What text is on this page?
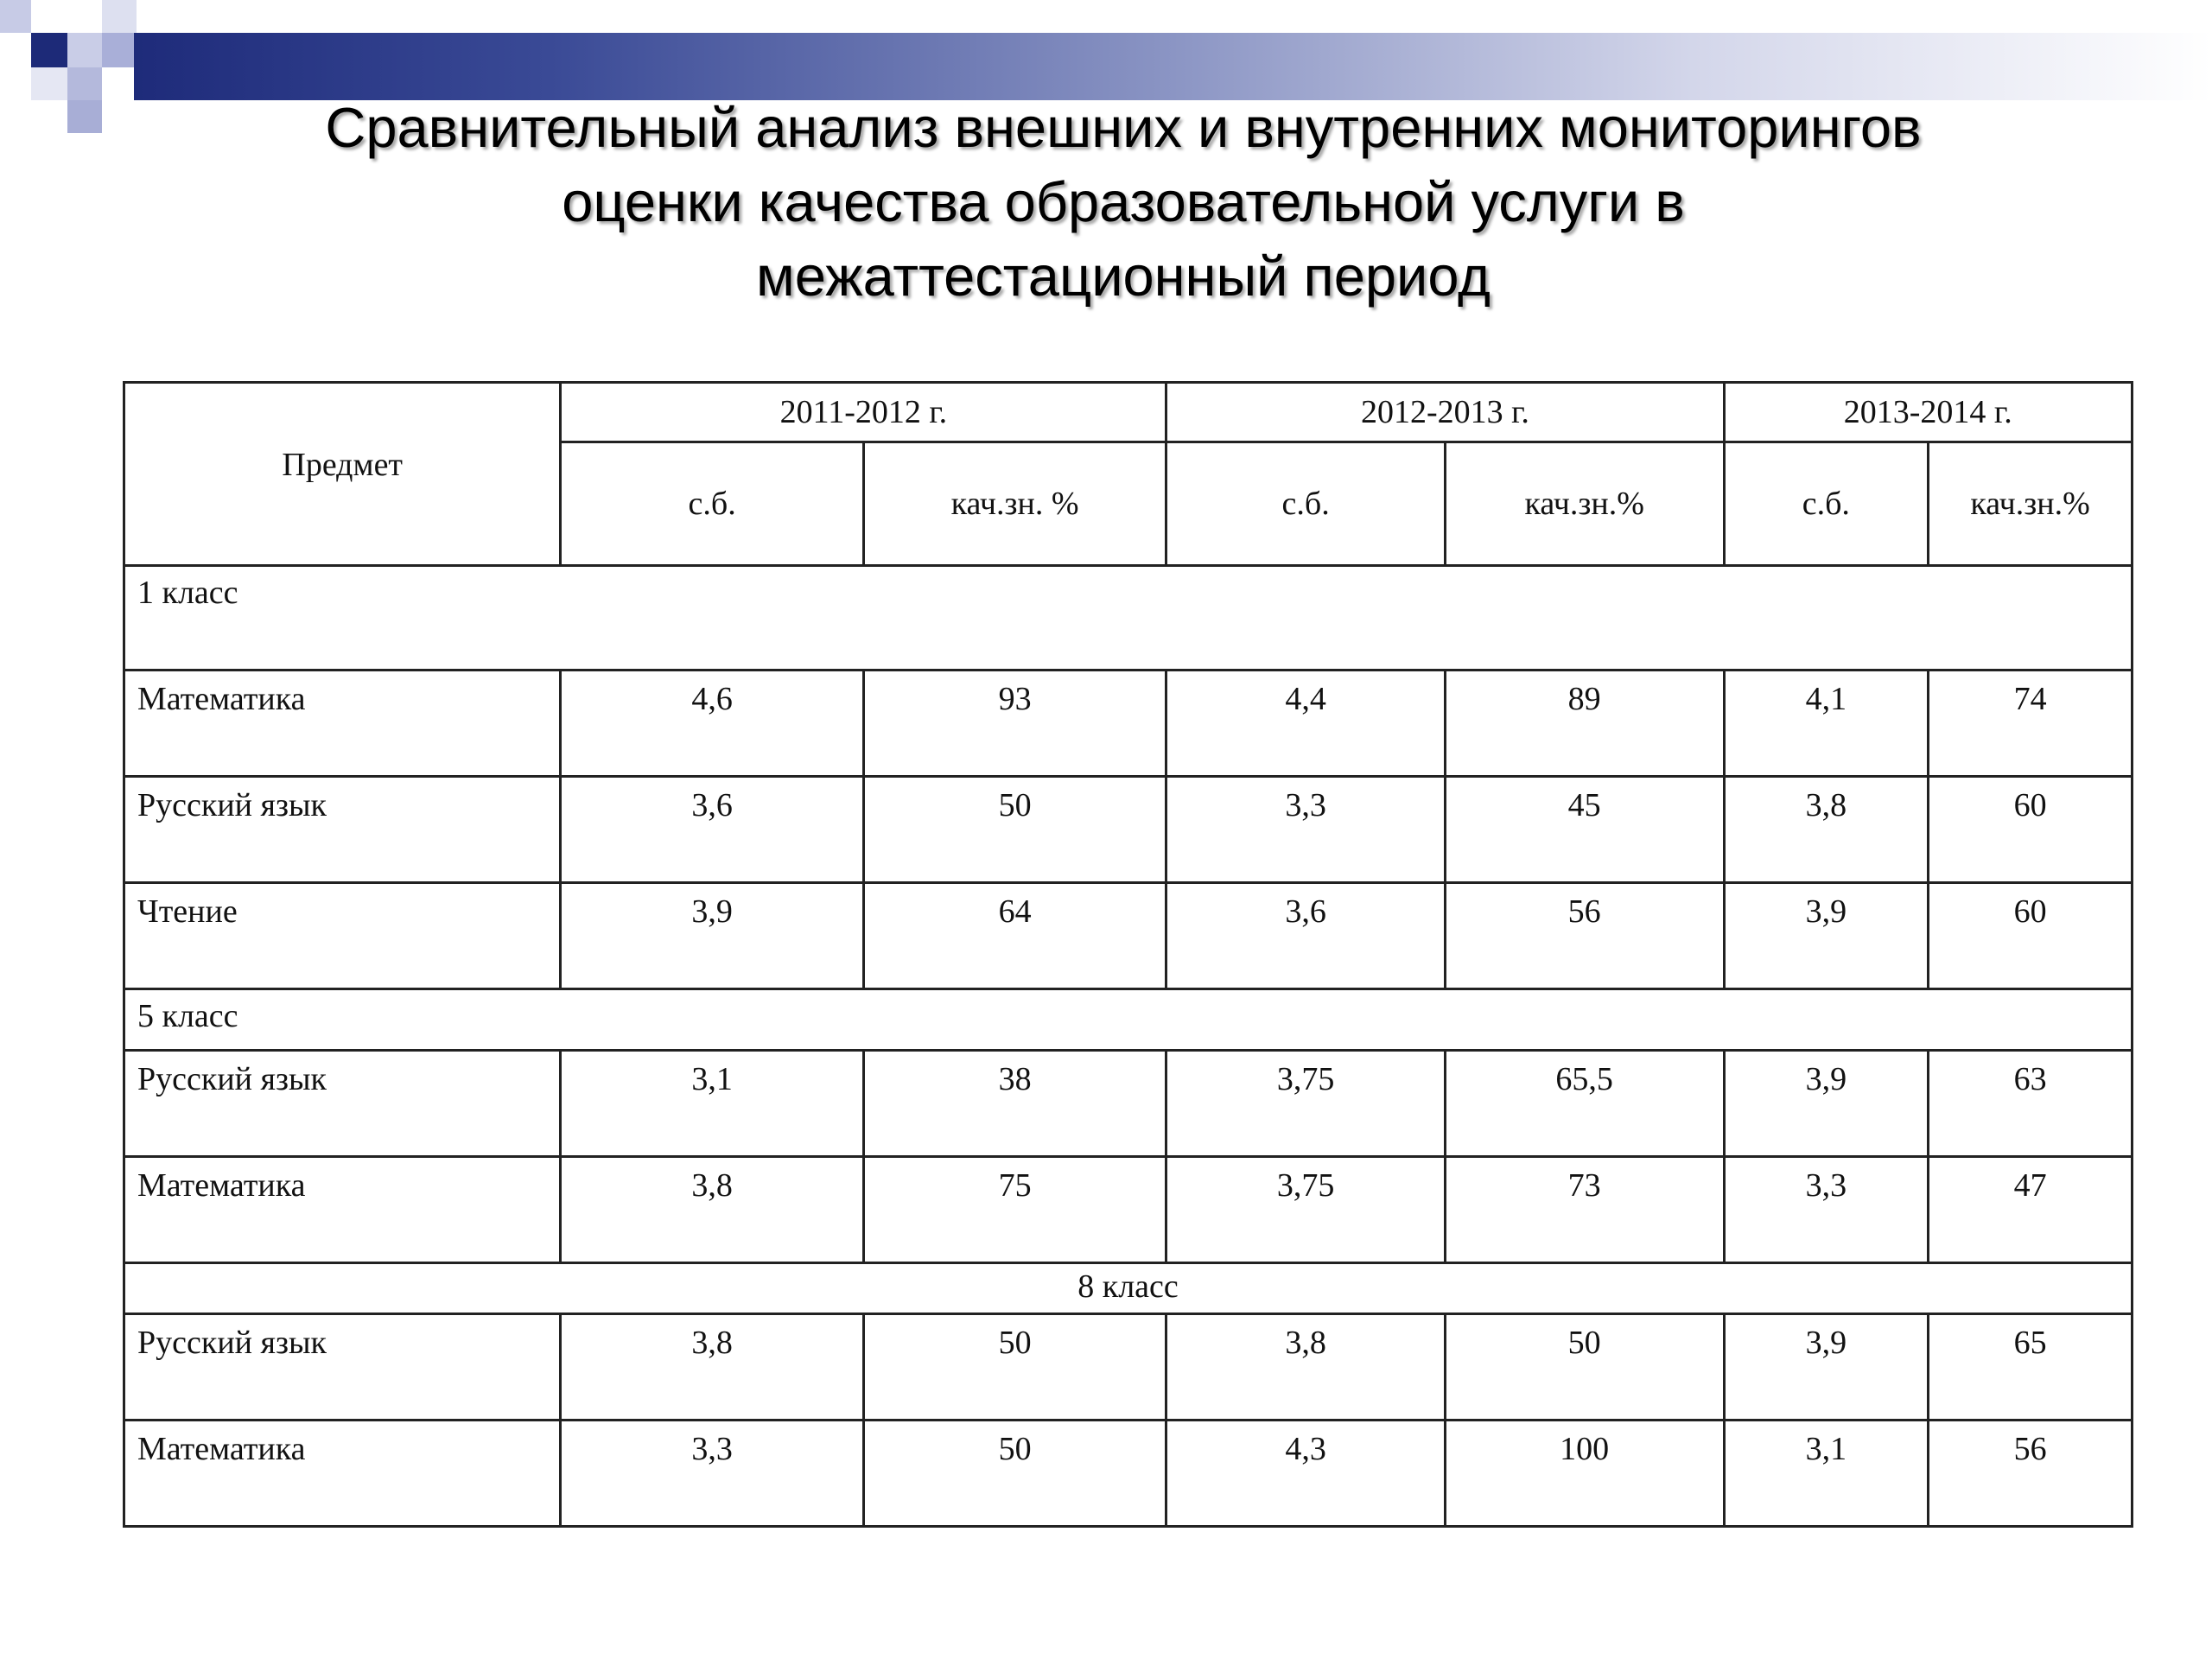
Сравнительный анализ внешних и внутренних мониторингов
оценки качества образовательной услуги в
межаттестационный период
Предмет	2011-2012 г.		2012-2013 г.		2013-2014 г.	
	с.б.	кач.зн. %	с.б.	кач.зн.%	с.б.	кач.зн.%
1 класс						
Математика	4,6	93	4,4	89	4,1	74
Русский язык	3,6	50	3,3	45	3,8	60
Чтение	3,9	64	3,6	56	3,9	60
5 класс						
Русский язык	3,1	38	3,75	65,5	3,9	63
Математика	3,8	75	3,75	73	3,3	47
8 класс						
Русский язык	3,8	50	3,8	50	3,9	65
Математика	3,3	50	4,3	100	3,1	56
